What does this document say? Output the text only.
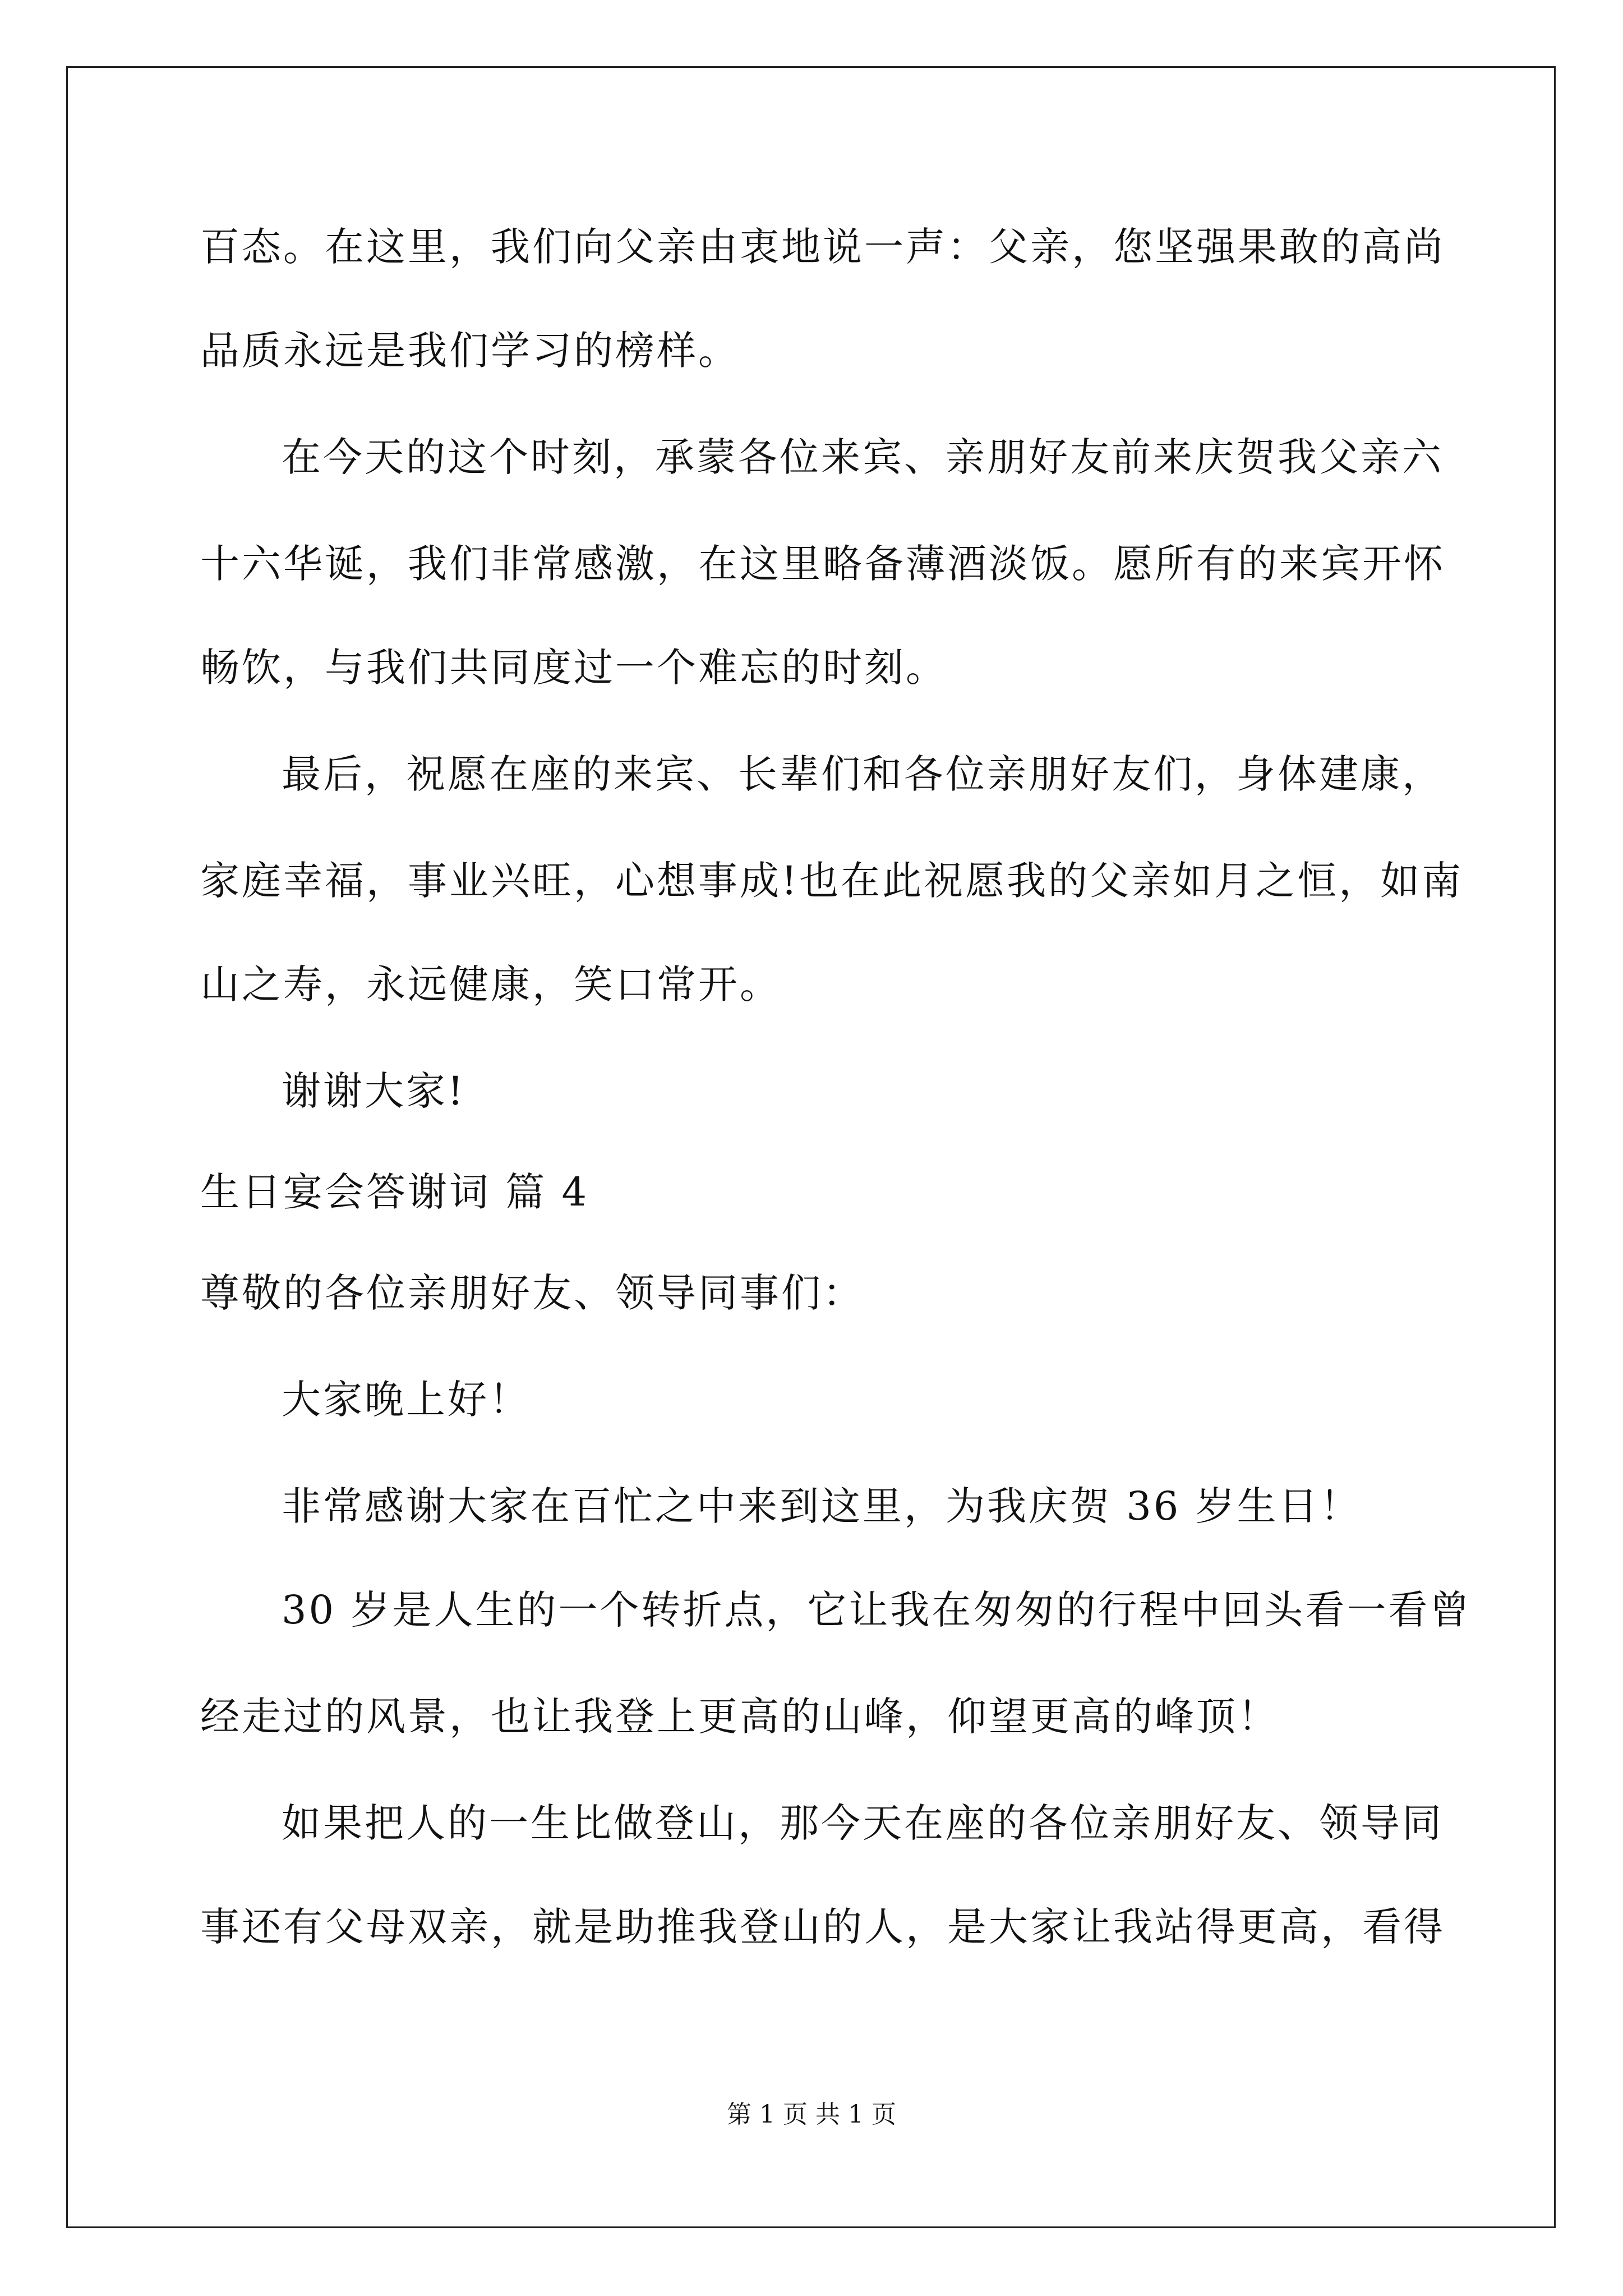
百态。在这里，我们向父亲由衷地说一声：父亲，您坚强果敢的高尚
品质永远是我们学习的榜样。
在今天的这个时刻，承蒙各位来宾、亲朋好友前来庆贺我父亲六
十六华诞，我们非常感激，在这里略备薄酒淡饭。愿所有的来宾开怀
畅饮，与我们共同度过一个难忘的时刻。
最后，祝愿在座的来宾、长辈们和各位亲朋好友们，身体建康，
家庭幸福，事业兴旺，心想事成!也在此祝愿我的父亲如月之恒，如南
山之寿，永远健康，笑口常开。
谢谢大家!
生日宴会答谢词 篇 4
尊敬的各位亲朋好友、领导同事们：
大家晚上好！
非常感谢大家在百忙之中来到这里，为我庆贺 36 岁生日！
30 岁是人生的一个转折点，它让我在匆匆的行程中回头看一看曾
经走过的风景，也让我登上更高的山峰，仰望更高的峰顶！
如果把人的一生比做登山，那今天在座的各位亲朋好友、领导同
事还有父母双亲，就是助推我登山的人，是大家让我站得更高，看得
第 1 页 共 1 页
